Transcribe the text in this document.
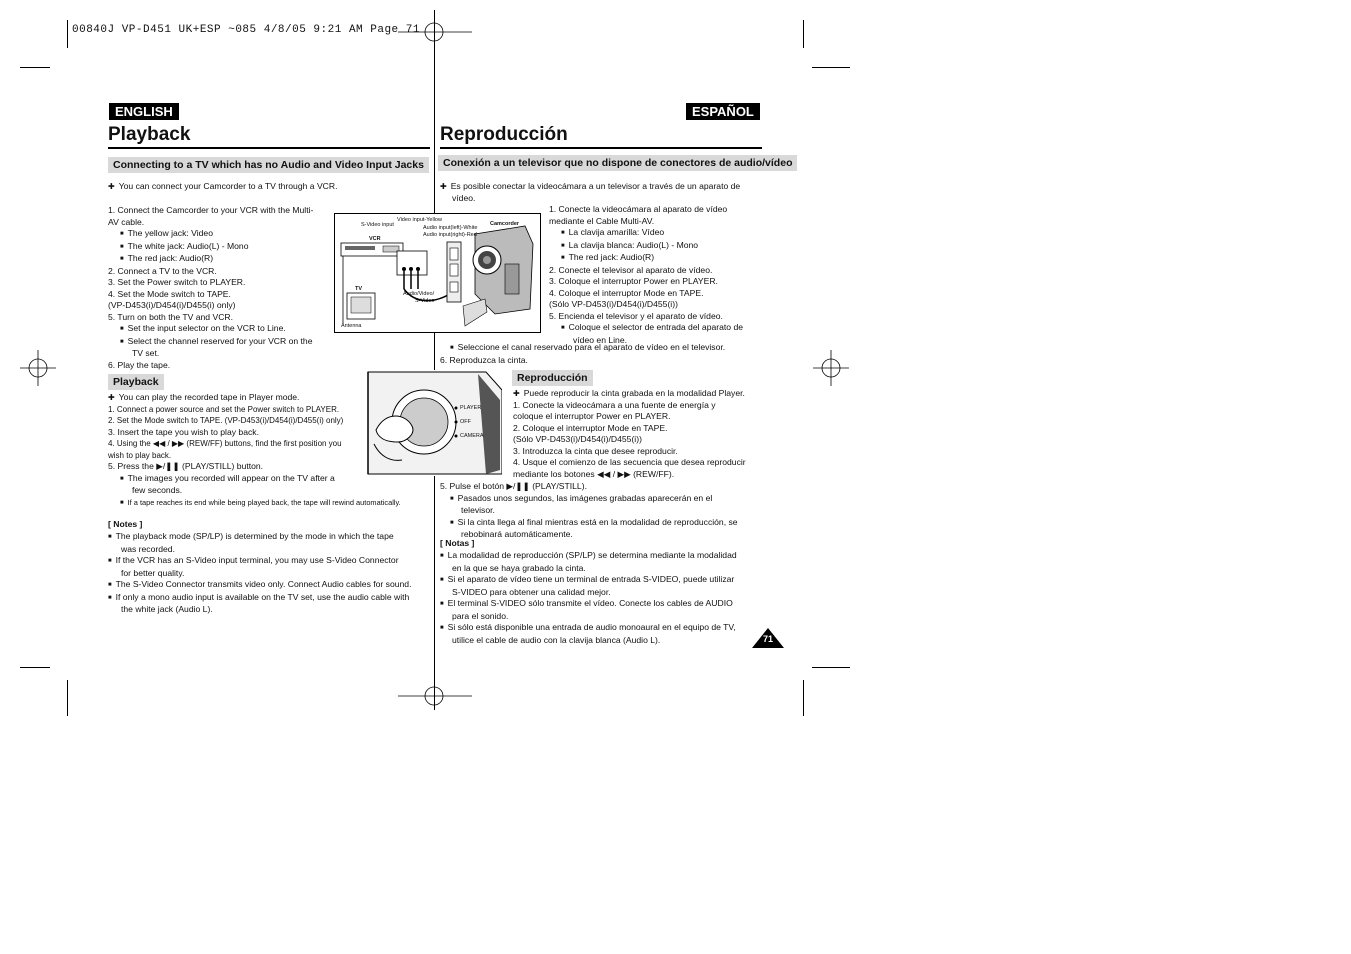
00840J VP-D451 UK+ESP ~085 4/8/05 9:21 AM Page 71
ENGLISH
Playback
Connecting to a TV which has no Audio and Video Input Jacks
✚ You can connect your Camcorder to a TV through a VCR.
1. Connect the Camcorder to your VCR with the Multi-
AV cable.
■ The yellow jack: Video
■ The white jack: Audio(L) - Mono
■ The red jack: Audio(R)
2. Connect a TV to the VCR.
3. Set the Power switch to PLAYER.
4. Set the Mode switch to TAPE.
(VP-D453(i)/D454(i)/D455(i) only)
5. Turn on both the TV and VCR.
■ Set the input selector on the VCR to Line.
■ Select the channel reserved for your VCR on the
TV set.
6. Play the tape.
Playback
✚ You can play the recorded tape in Player mode.
1. Connect a power source and set the Power switch to PLAYER.
2. Set the Mode switch to TAPE. (VP-D453(i)/D454(i)/D455(i) only)
3. Insert the tape you wish to play back.
4. Using the ◀◀ / ▶▶ (REW/FF) buttons, find the first position you
wish to play back.
5. Press the ▶/❚❚ (PLAY/STILL) button.
■ The images you recorded will appear on the TV after a
few seconds.
■ If a tape reaches its end while being played back, the tape will rewind automatically.
[ Notes ]
■ The playback mode (SP/LP) is determined by the mode in which the tape
was recorded.
■ If the VCR has an S-Video input terminal, you may use S-Video Connector
for better quality.
■ The S-Video Connector transmits video only. Connect Audio cables for sound.
■ If only a mono audio input is available on the TV set, use the audio cable with
the white jack (Audio L).
S-Video input
Video input-Yellow
Audio input(left)-White
Audio input(right)-Red
Camcorder
VCR
TV
Audio/Video/
S-Video
Antenna
PLAYER
OFF
CAMERA
ESPAÑOL
Reproducción
Conexión a un televisor que no dispone de conectores de audio/vídeo
✚ Es posible conectar la videocámara a un televisor a través de un aparato de
vídeo.
1. Conecte la videocámara al aparato de vídeo
mediante el Cable Multi-AV.
■ La clavija amarilla: Vídeo
■ La clavija blanca: Audio(L) - Mono
■ The red jack: Audio(R)
2. Conecte el televisor al aparato de vídeo.
3. Coloque el interruptor Power en PLAYER.
4. Coloque el interruptor Mode en TAPE.
(Sólo VP-D453(i)/D454(i)/D455(i))
5. Encienda el televisor y el aparato de vídeo.
■ Coloque el selector de entrada del aparato de
vídeo en Line.
■ Seleccione el canal reservado para el aparato de vídeo en el televisor.
6. Reproduzca la cinta.
Reproducción
✚ Puede reproducir la cinta grabada en la modalidad Player.
1. Conecte la videocámara a una fuente de energía y
coloque el interruptor Power en PLAYER.
2. Coloque el interruptor Mode en TAPE.
(Sólo VP-D453(i)/D454(i)/D455(i))
3. Introduzca la cinta que desee reproducir.
4. Usque el comienzo de las secuencia que desea reproducir
mediante los botones ◀◀ / ▶▶ (REW/FF).
5. Pulse el botón ▶/❚❚ (PLAY/STILL).
■ Pasados unos segundos, las imágenes grabadas aparecerán en el
televisor.
■ Si la cinta llega al final mientras está en la modalidad de reproducción, se
rebobinará automáticamente.
[ Notas ]
■ La modalidad de reproducción (SP/LP) se determina mediante la modalidad
en la que se haya grabado la cinta.
■ Si el aparato de vídeo tiene un terminal de entrada S-VIDEO, puede utilizar
S-VIDEO para obtener una calidad mejor.
■ El terminal S-VIDEO sólo transmite el vídeo. Conecte los cables de AUDIO
para el sonido.
■ Si sólo está disponible una entrada de audio monoaural en el equipo de TV,
utilice el cable de audio con la clavija blanca (Audio L).	71
